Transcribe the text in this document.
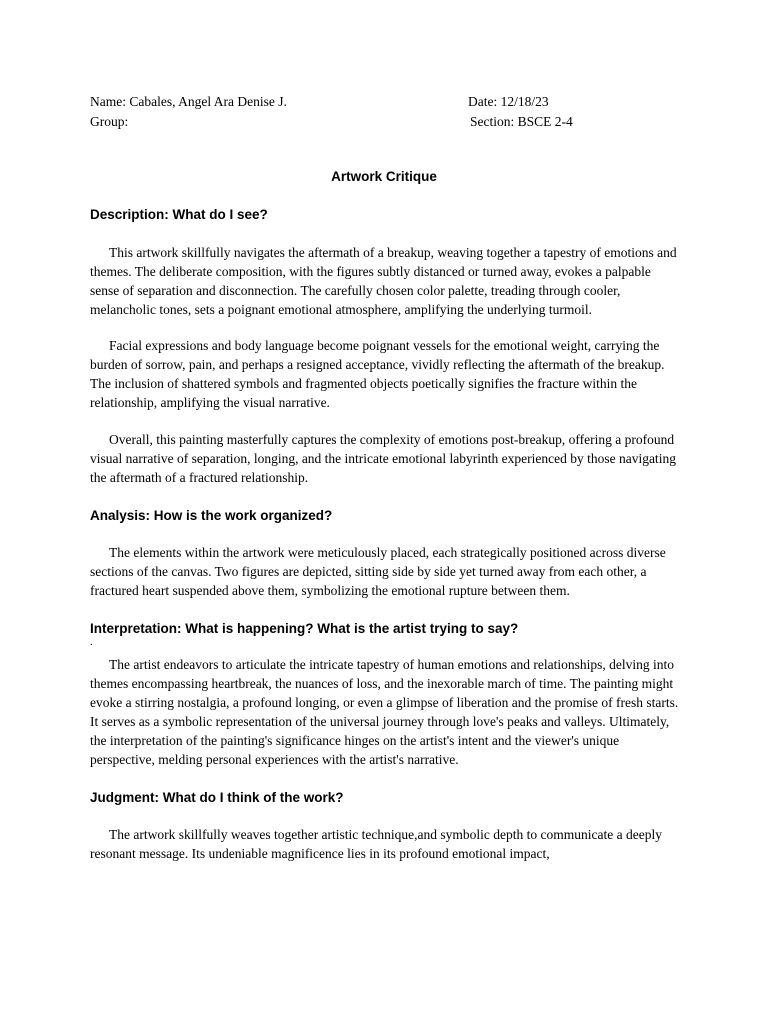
Name: Cabales, Angel Ara Denise J.	Date: 12/18/23
Group:	Section: BSCE 2-4
Artwork Critique
Description: What do I see?

This artwork skillfully navigates the aftermath of a breakup, weaving together a tapestry of emotions and themes. The deliberate composition, with the figures subtly distanced or turned away, evokes a palpable sense of separation and disconnection. The carefully chosen color palette, treading through cooler, melancholic tones, sets a poignant emotional atmosphere, amplifying the underlying turmoil.

Facial expressions and body language become poignant vessels for the emotional weight, carrying the burden of sorrow, pain, and perhaps a resigned acceptance, vividly reflecting the aftermath of the breakup. The inclusion of shattered symbols and fragmented objects poetically signifies the fracture within the relationship, amplifying the visual narrative.

Overall, this painting masterfully captures the complexity of emotions post-breakup, offering a profound visual narrative of separation, longing, and the intricate emotional labyrinth experienced by those navigating the aftermath of a fractured relationship.

Analysis: How is the work organized?

The elements within the artwork were meticulously placed, each strategically positioned across diverse sections of the canvas. Two figures are depicted, sitting side by side yet turned away from each other, a fractured heart suspended above them, symbolizing the emotional rupture between them.

Interpretation: What is happening? What is the artist trying to say?
.

The artist endeavors to articulate the intricate tapestry of human emotions and relationships, delving into themes encompassing heartbreak, the nuances of loss, and the inexorable march of time. The painting might evoke a stirring nostalgia, a profound longing, or even a glimpse of liberation and the promise of fresh starts. It serves as a symbolic representation of the universal journey through love's peaks and valleys. Ultimately, the interpretation of the painting's significance hinges on the artist's intent and the viewer's unique perspective, melding personal experiences with the artist's narrative.

Judgment: What do I think of the work?

The artwork skillfully weaves together artistic technique,and symbolic depth to communicate a deeply resonant message. Its undeniable magnificence lies in its profound emotional impact,
